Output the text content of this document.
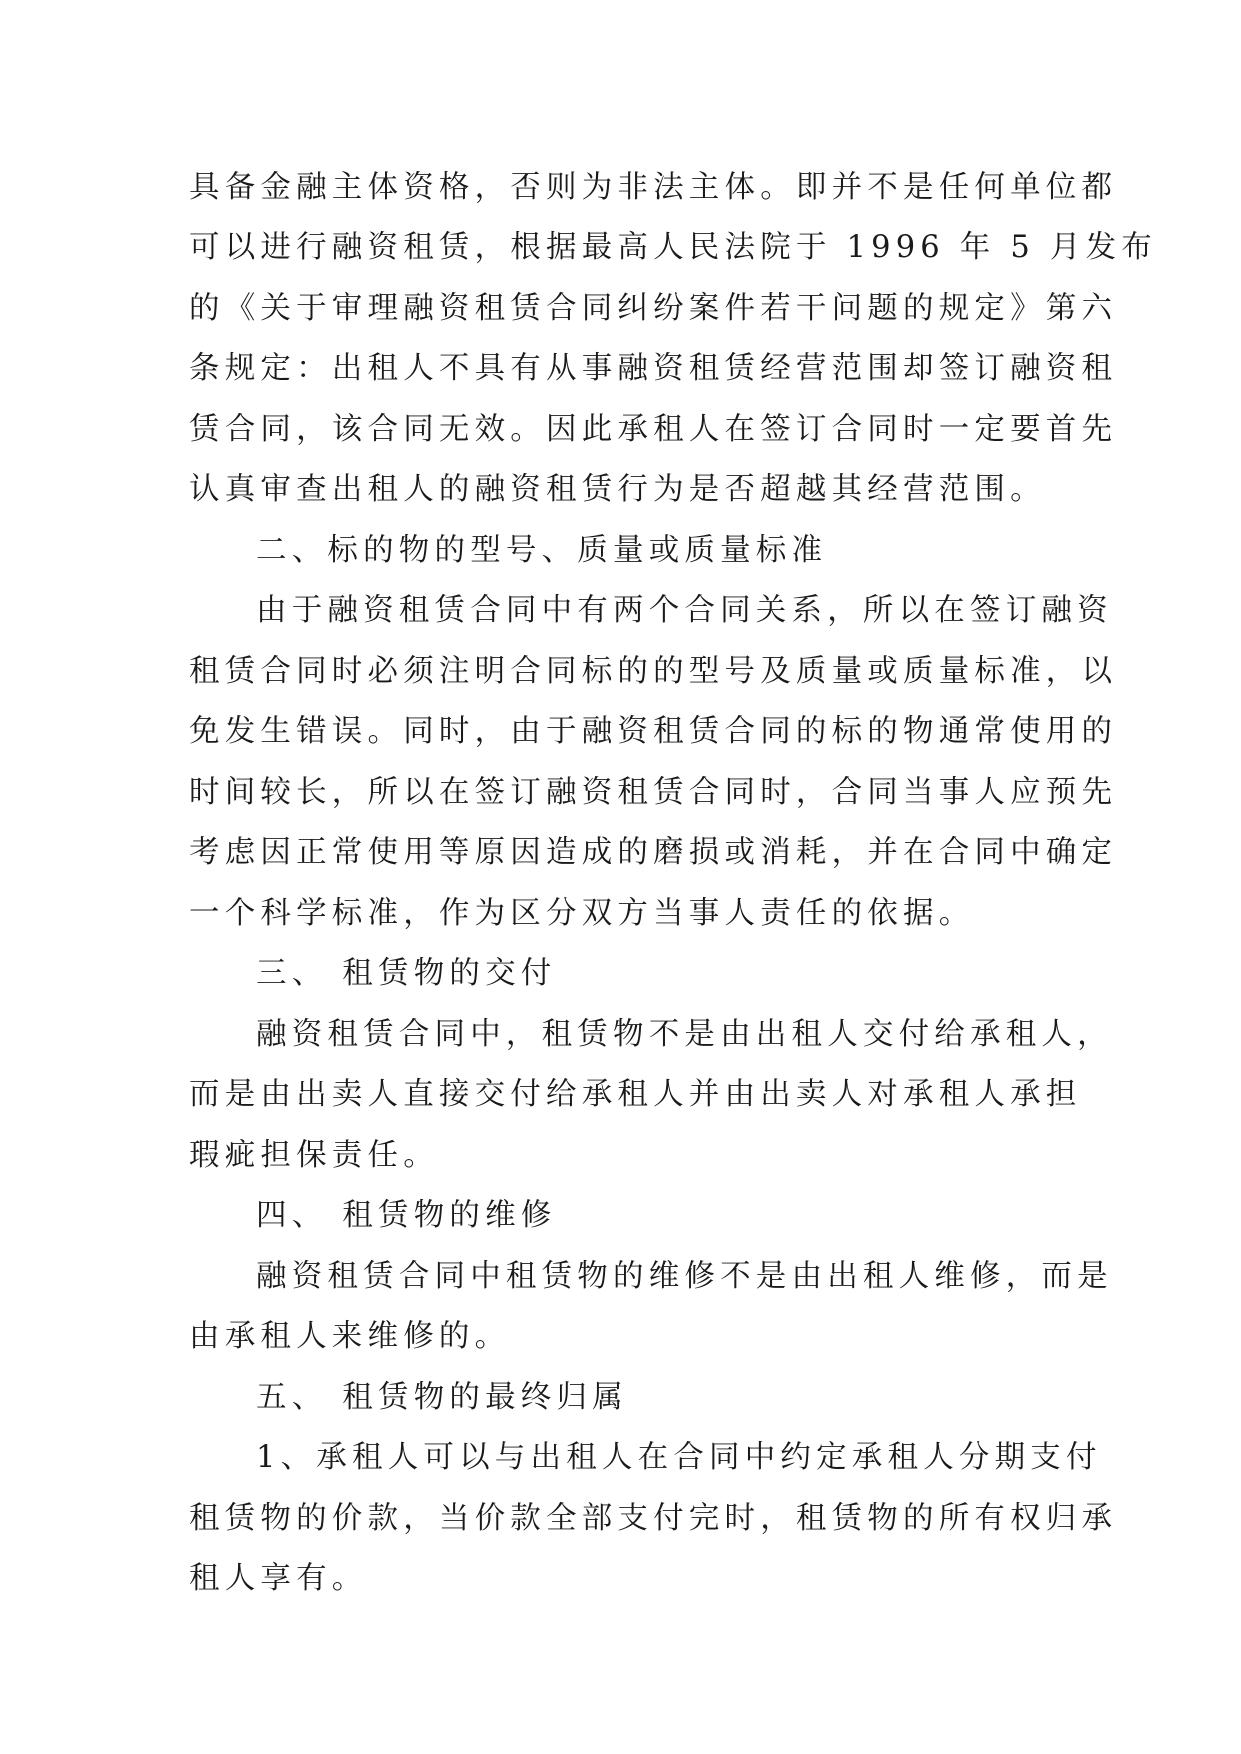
具备金融主体资格，否则为非法主体。即并不是任何单位都
可以进行融资租赁，根据最高人民法院于 1996 年 5 月发布
的《关于审理融资租赁合同纠纷案件若干问题的规定》第六
条规定：出租人不具有从事融资租赁经营范围却签订融资租
赁合同，该合同无效。因此承租人在签订合同时一定要首先
认真审查出租人的融资租赁行为是否超越其经营范围。
二、标的物的型号、质量或质量标准
由于融资租赁合同中有两个合同关系，所以在签订融资
租赁合同时必须注明合同标的的型号及质量或质量标准，以
免发生错误。同时，由于融资租赁合同的标的物通常使用的
时间较长，所以在签订融资租赁合同时，合同当事人应预先
考虑因正常使用等原因造成的磨损或消耗，并在合同中确定
一个科学标准，作为区分双方当事人责任的依据。
三、 租赁物的交付
融资租赁合同中，租赁物不是由出租人交付给承租人，
而是由出卖人直接交付给承租人并由出卖人对承租人承担
瑕疵担保责任。
四、 租赁物的维修
融资租赁合同中租赁物的维修不是由出租人维修，而是
由承租人来维修的。
五、 租赁物的最终归属
1、承租人可以与出租人在合同中约定承租人分期支付
租赁物的价款，当价款全部支付完时，租赁物的所有权归承
租人享有。
